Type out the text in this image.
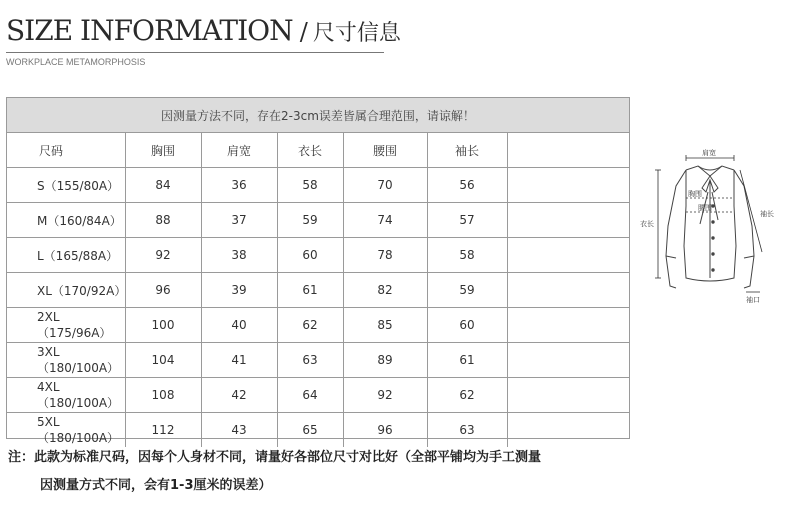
SIZE INFORMATION / 尺寸信息
WORKPLACE METAMORPHOSIS
因测量方法不同，存在2-3cm误差皆属合理范围，请谅解！
尺码	胸围	肩宽	衣长	腰围	袖长	
S（155/80A）	84	36	58	70	56	
M（160/84A）	88	37	59	74	57	
L（165/88A）	92	38	60	78	58	
XL（170/92A）	96	39	61	82	59	
2XL（175/96A）	100	40	62	85	60	
3XL（180/100A）	104	41	63	89	61	
4XL（180/100A）	108	42	64	92	62	
5XL（180/100A）	112	43	65	96	63	
注：此款为标准尺码，因每个人身材不同，请量好各部位尺寸对比好（全部平铺均为手工测量
因测量方式不同，会有1-3厘米的误差）
肩宽
胸围
腰围
衣长
袖长
袖口
